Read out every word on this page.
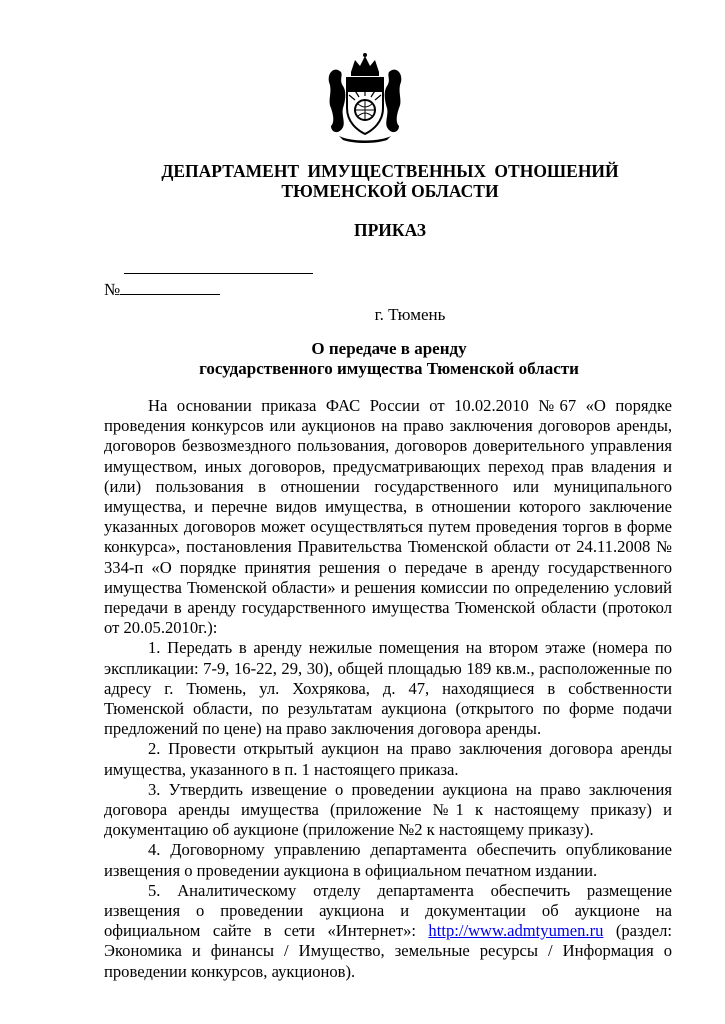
ДЕПАРТАМЕНТ ИМУЩЕСТВЕННЫХ ОТНОШЕНИЙ
ТЮМЕНСКОЙ ОБЛАСТИ
ПРИКАЗ
№
г. Тюмень
О передаче в аренду
государственного имущества Тюменской области

На основании приказа ФАС России от 10.02.2010 №67 «О порядке проведения конкурсов или аукционов на право заключения договоров аренды, договоров безвозмездного пользования, договоров доверительного управления имуществом, иных договоров, предусматривающих переход прав владения и (или) пользования в отношении государственного или муниципального имущества, и перечне видов имущества, в отношении которого заключение указанных договоров может осуществляться путем проведения торгов в форме конкурса», постановления Правительства Тюменской области от 24.11.2008 № 334-п «О порядке принятия решения о передаче в аренду государственного имущества Тюменской области» и решения комиссии по определению условий передачи в аренду государственного имущества Тюменской области (протокол от 20.05.2010г.):

1. Передать в аренду нежилые помещения на втором этаже (номера по экспликации: 7-9, 16-22, 29, 30), общей площадью 189 кв.м., расположенные по адресу г. Тюмень, ул. Хохрякова, д. 47, находящиеся в собственности Тюменской области, по результатам аукциона (открытого по форме подачи предложений по цене) на право заключения договора аренды.

2. Провести открытый аукцион на право заключения договора аренды имущества, указанного в п. 1 настоящего приказа.

3. Утвердить извещение о проведении аукциона на право заключения договора аренды имущества (приложение №1 к настоящему приказу) и документацию об аукционе (приложение №2 к настоящему приказу).

4. Договорному управлению департамента обеспечить опубликование извещения о проведении аукциона в официальном печатном издании.

5. Аналитическому отделу департамента обеспечить размещение извещения о проведении аукциона и документации об аукционе на официальном сайте в сети «Интернет»: http://www.admtyumen.ru (раздел: Экономика и финансы / Имущество, земельные ресурсы / Информация о проведении конкурсов, аукционов).
